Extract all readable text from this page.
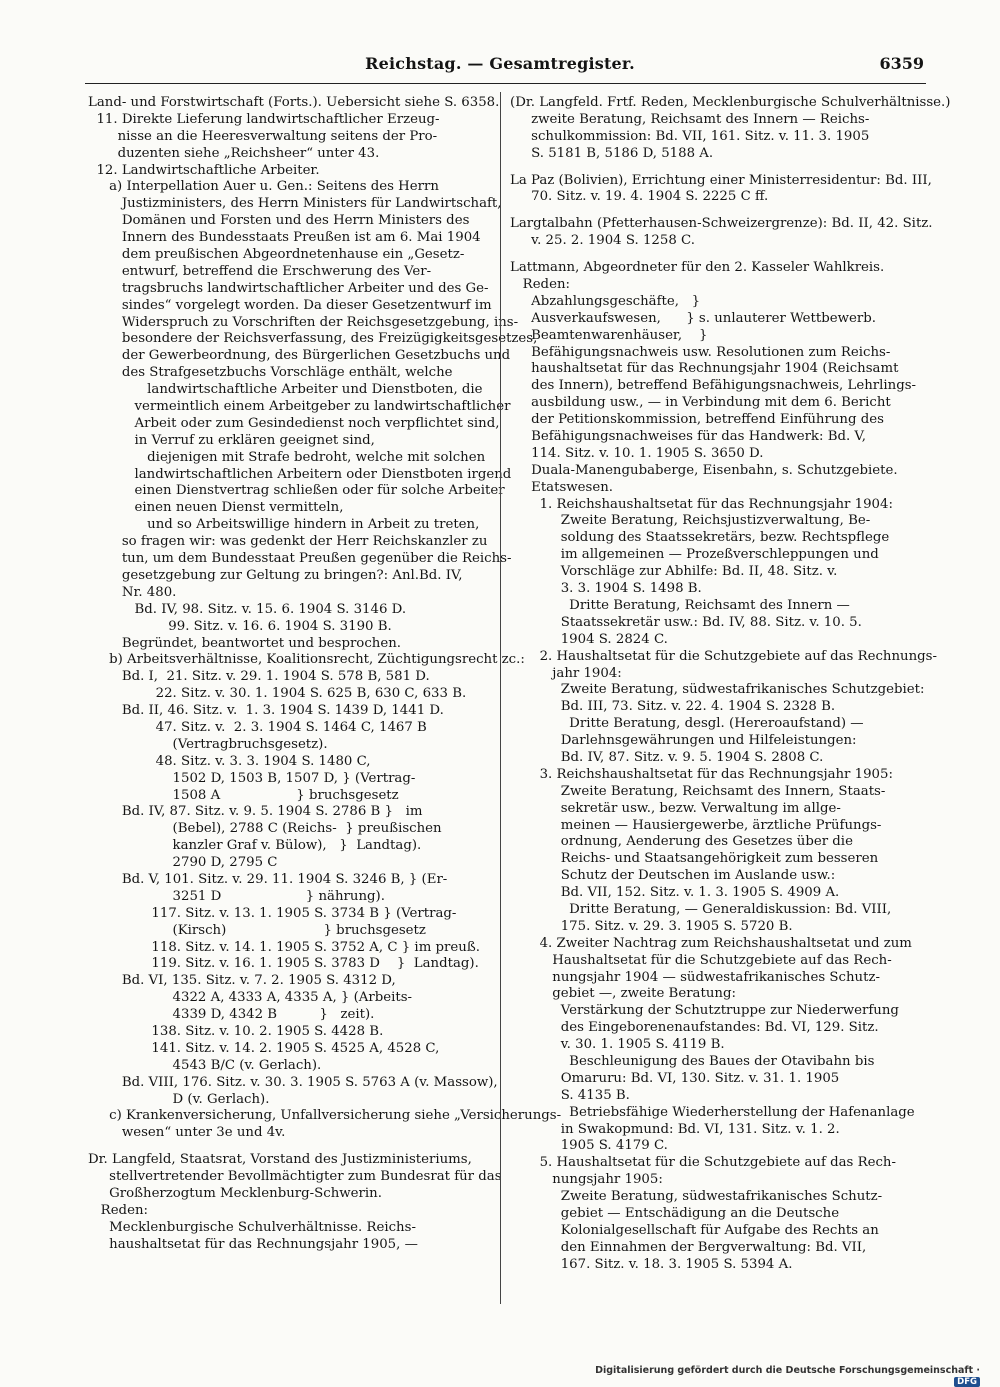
Reichstag. — Gesamtregister.	6359
Land- und Forstwirtschaft (Forts.). Uebersicht siehe S. 6358.
11. Direkte Lieferung landwirtschaftlicher Erzeug-
nisse an die Heeresverwaltung seitens der Pro-
duzenten siehe „Reichsheer“ unter 43.
12. Landwirtschaftliche Arbeiter.
a) Interpellation Auer u. Gen.: Seitens des Herrn
Justizministers, des Herrn Ministers für Landwirtschaft,
Domänen und Forsten und des Herrn Ministers des
Innern des Bundesstaats Preußen ist am 6. Mai 1904
dem preußischen Abgeordnetenhause ein „Gesetz-
entwurf, betreffend die Erschwerung des Ver-
tragsbruchs landwirtschaftlicher Arbeiter und des Ge-
sindes“ vorgelegt worden. Da dieser Gesetzentwurf im
Widerspruch zu Vorschriften der Reichsgesetzgebung, ins-
besondere der Reichsverfassung, des Freizügigkeitsgesetzes,
der Gewerbeordnung, des Bürgerlichen Gesetzbuchs und
des Strafgesetzbuchs Vorschläge enthält, welche
landwirtschaftliche Arbeiter und Dienstboten, die
vermeintlich einem Arbeitgeber zu landwirtschaftlicher
Arbeit oder zum Gesindedienst noch verpflichtet sind,
in Verruf zu erklären geeignet sind,
diejenigen mit Strafe bedroht, welche mit solchen
landwirtschaftlichen Arbeitern oder Dienstboten irgend
einen Dienstvertrag schließen oder für solche Arbeiter
einen neuen Dienst vermitteln,
und so Arbeitswillige hindern in Arbeit zu treten,
so fragen wir: was gedenkt der Herr Reichskanzler zu
tun, um dem Bundesstaat Preußen gegenüber die Reichs-
gesetzgebung zur Geltung zu bringen?: Anl.Bd. IV,
Nr. 480.
Bd. IV, 98. Sitz. v. 15. 6. 1904 S. 3146 D.
99. Sitz. v. 16. 6. 1904 S. 3190 B.
Begründet, beantwortet und besprochen.
b) Arbeitsverhältnisse, Koalitionsrecht, Züchtigungsrecht zc.:
Bd. I,  21. Sitz. v. 29. 1. 1904 S. 578 B, 581 D.
22. Sitz. v. 30. 1. 1904 S. 625 B, 630 C, 633 B.
Bd. II, 46. Sitz. v.  1. 3. 1904 S. 1439 D, 1441 D.
47. Sitz. v.  2. 3. 1904 S. 1464 C, 1467 B
(Vertragbruchsgesetz).
48. Sitz. v. 3. 3. 1904 S. 1480 C,
1502 D, 1503 B, 1507 D, } (Vertrag-
1508 A                  } bruchsgesetz
Bd. IV, 87. Sitz. v. 9. 5. 1904 S. 2786 B }   im
(Bebel), 2788 C (Reichs-  } preußischen
kanzler Graf v. Bülow),   }  Landtag).
2790 D, 2795 C
Bd. V, 101. Sitz. v. 29. 11. 1904 S. 3246 B, } (Er-
3251 D                    } nährung).
117. Sitz. v. 13. 1. 1905 S. 3734 B } (Vertrag-
(Kirsch)                       } bruchsgesetz
118. Sitz. v. 14. 1. 1905 S. 3752 A, C } im preuß.
119. Sitz. v. 16. 1. 1905 S. 3783 D    }  Landtag).
Bd. VI, 135. Sitz. v. 7. 2. 1905 S. 4312 D,
4322 A, 4333 A, 4335 A, } (Arbeits-
4339 D, 4342 B          }   zeit).
138. Sitz. v. 10. 2. 1905 S. 4428 B.
141. Sitz. v. 14. 2. 1905 S. 4525 A, 4528 C,
4543 B/C (v. Gerlach).
Bd. VIII, 176. Sitz. v. 30. 3. 1905 S. 5763 A (v. Massow),
D (v. Gerlach).
c) Krankenversicherung, Unfallversicherung siehe „Versicherungs-
wesen“ unter 3e und 4v.
Dr. Langfeld, Staatsrat, Vorstand des Justizministeriums,
stellvertretender Bevollmächtigter zum Bundesrat für das
Großherzogtum Mecklenburg-Schwerin.
Reden:
Mecklenburgische Schulverhältnisse. Reichs-
haushaltsetat für das Rechnungsjahr 1905, —
(Dr. Langfeld. Frtf. Reden, Mecklenburgische Schulverhältnisse.)
zweite Beratung, Reichsamt des Innern — Reichs-
schulkommission: Bd. VII, 161. Sitz. v. 11. 3. 1905
S. 5181 B, 5186 D, 5188 A.
La Paz (Bolivien), Errichtung einer Ministerresidentur: Bd. III,
70. Sitz. v. 19. 4. 1904 S. 2225 C ff.
Largtalbahn (Pfetterhausen-Schweizergrenze): Bd. II, 42. Sitz.
v. 25. 2. 1904 S. 1258 C.
Lattmann, Abgeordneter für den 2. Kasseler Wahlkreis.
Reden:
Abzahlungsgeschäfte,   }
Ausverkaufswesen,      } s. unlauterer Wettbewerb.
Beamtenwarenhäuser,    }
Befähigungsnachweis usw. Resolutionen zum Reichs-
haushaltsetat für das Rechnungsjahr 1904 (Reichsamt
des Innern), betreffend Befähigungsnachweis, Lehrlings-
ausbildung usw., — in Verbindung mit dem 6. Bericht
der Petitionskommission, betreffend Einführung des
Befähigungsnachweises für das Handwerk: Bd. V,
114. Sitz. v. 10. 1. 1905 S. 3650 D.
Duala-Manengubaberge, Eisenbahn, s. Schutzgebiete.
Etatswesen.
1. Reichshaushaltsetat für das Rechnungsjahr 1904:
Zweite Beratung, Reichsjustizverwaltung, Be-
soldung des Staatssekretärs, bezw. Rechtspflege
im allgemeinen — Prozeßverschleppungen und
Vorschläge zur Abhilfe: Bd. II, 48. Sitz. v.
3. 3. 1904 S. 1498 B.
Dritte Beratung, Reichsamt des Innern —
Staatssekretär usw.: Bd. IV, 88. Sitz. v. 10. 5.
1904 S. 2824 C.
2. Haushaltsetat für die Schutzgebiete auf das Rechnungs-
jahr 1904:
Zweite Beratung, südwestafrikanisches Schutzgebiet:
Bd. III, 73. Sitz. v. 22. 4. 1904 S. 2328 B.
Dritte Beratung, desgl. (Hereroaufstand) —
Darlehnsgewährungen und Hilfeleistungen:
Bd. IV, 87. Sitz. v. 9. 5. 1904 S. 2808 C.
3. Reichshaushaltsetat für das Rechnungsjahr 1905:
Zweite Beratung, Reichsamt des Innern, Staats-
sekretär usw., bezw. Verwaltung im allge-
meinen — Hausiergewerbe, ärztliche Prüfungs-
ordnung, Aenderung des Gesetzes über die
Reichs- und Staatsangehörigkeit zum besseren
Schutz der Deutschen im Auslande usw.:
Bd. VII, 152. Sitz. v. 1. 3. 1905 S. 4909 A.
Dritte Beratung, — Generaldiskussion: Bd. VIII,
175. Sitz. v. 29. 3. 1905 S. 5720 B.
4. Zweiter Nachtrag zum Reichshaushaltsetat und zum
Haushaltsetat für die Schutzgebiete auf das Rech-
nungsjahr 1904 — südwestafrikanisches Schutz-
gebiet —, zweite Beratung:
Verstärkung der Schutztruppe zur Niederwerfung
des Eingeborenenaufstandes: Bd. VI, 129. Sitz.
v. 30. 1. 1905 S. 4119 B.
Beschleunigung des Baues der Otavibahn bis
Omaruru: Bd. VI, 130. Sitz. v. 31. 1. 1905
S. 4135 B.
Betriebsfähige Wiederherstellung der Hafenanlage
in Swakopmund: Bd. VI, 131. Sitz. v. 1. 2.
1905 S. 4179 C.
5. Haushaltsetat für die Schutzgebiete auf das Rech-
nungsjahr 1905:
Zweite Beratung, südwestafrikanisches Schutz-
gebiet — Entschädigung an die Deutsche
Kolonialgesellschaft für Aufgabe des Rechts an
den Einnahmen der Bergverwaltung: Bd. VII,
167. Sitz. v. 18. 3. 1905 S. 5394 A.
Digitalisierung gefördert durch die Deutsche Forschungsgemeinschaft ·DFG
